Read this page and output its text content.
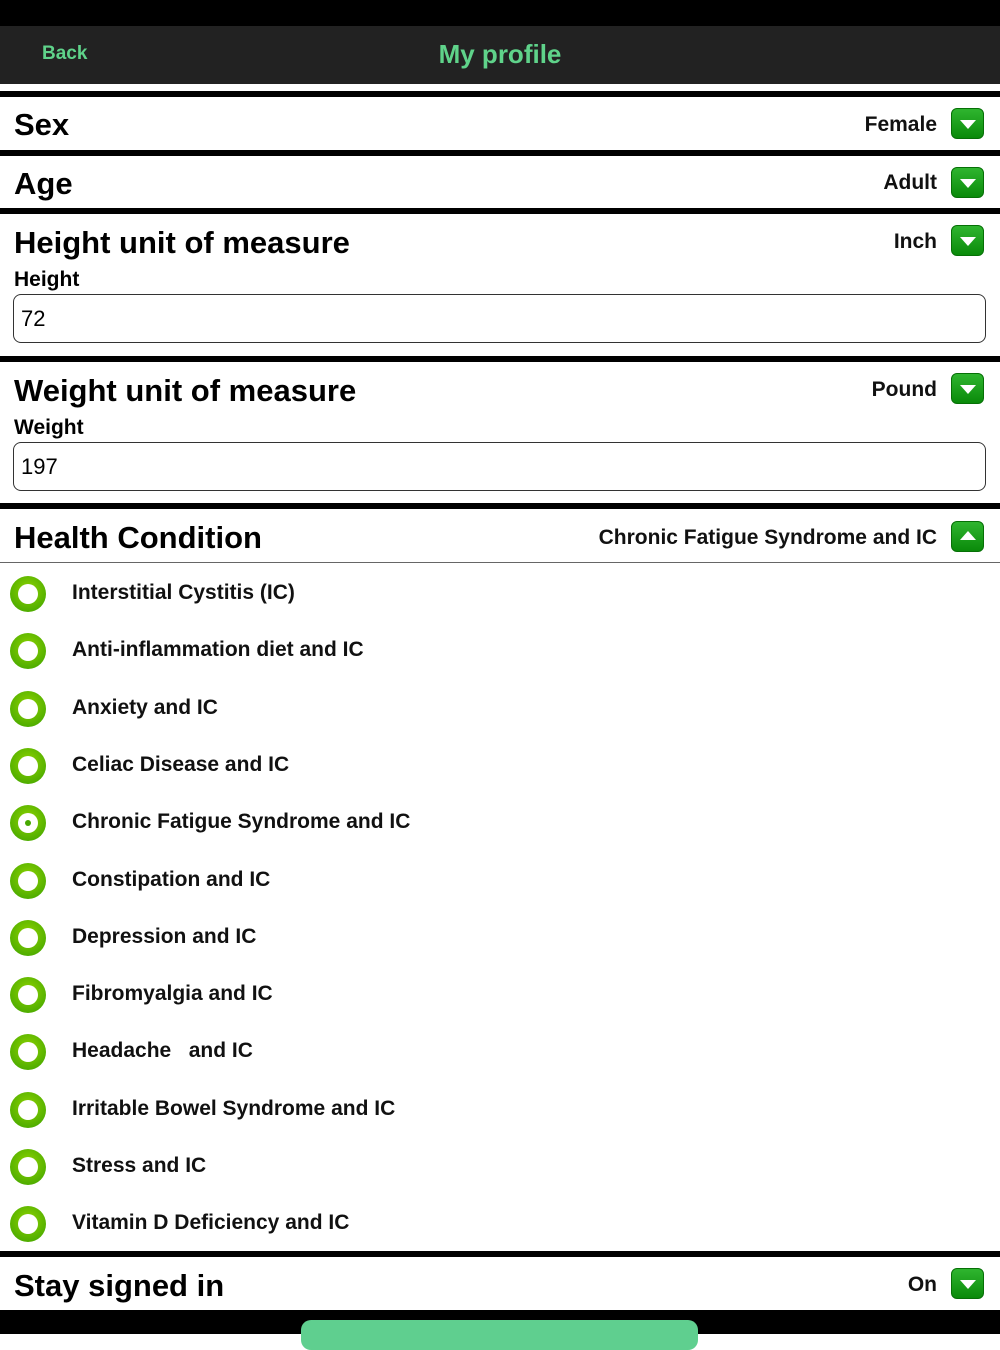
Back	My profile
Sex	Female
Age	Adult
Height unit of measure	Inch
Height
72
Weight unit of measure	Pound
Weight
197
Health Condition	Chronic Fatigue Syndrome and IC
Interstitial Cystitis (IC)
Anti-inflammation diet and IC
Anxiety and IC
Celiac Disease and IC
Chronic Fatigue Syndrome and IC
Constipation and IC
Depression and IC
Fibromyalgia and IC
Headache   and IC
Irritable Bowel Syndrome and IC
Stress and IC
Vitamin D Deficiency and IC
Stay signed in	On
